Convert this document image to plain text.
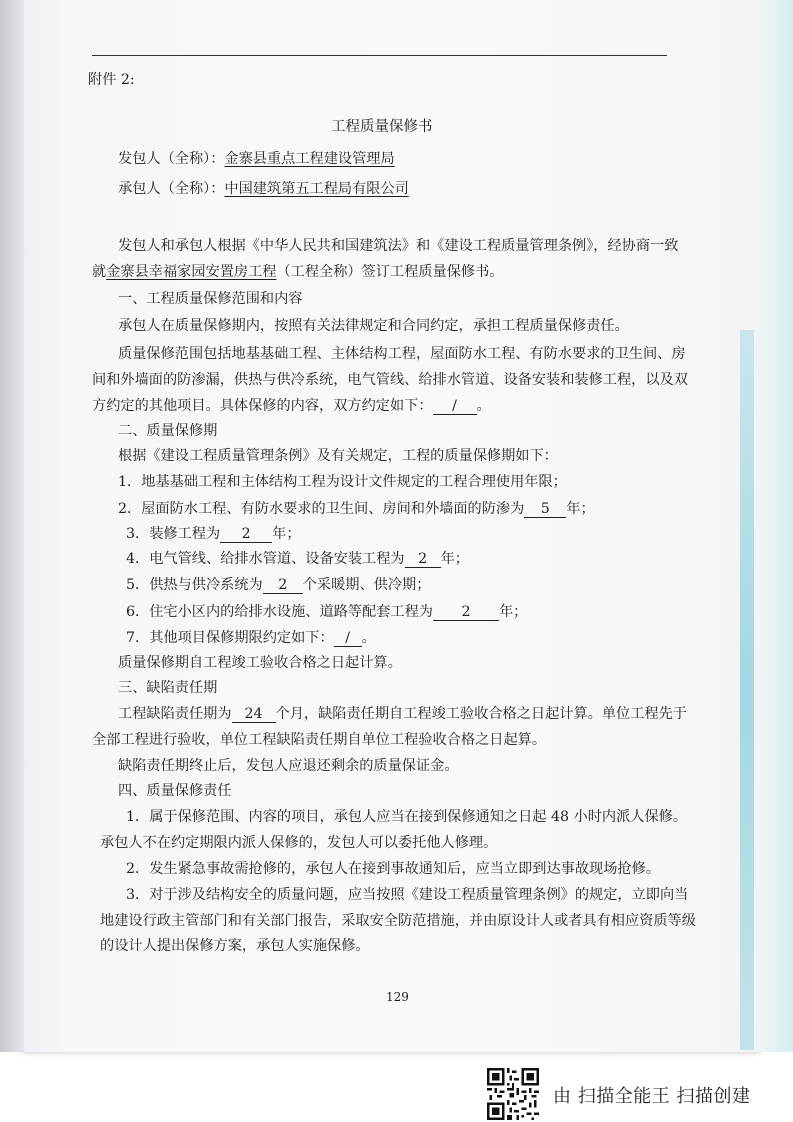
附件 2:
工程质量保修书
发包人（全称）：金寨县重点工程建设管理局
承包人（全称）：中国建筑第五工程局有限公司
发包人和承包人根据《中华人民共和国建筑法》和《建设工程质量管理条例》，经协商一致
就金寨县幸福家园安置房工程（工程全称）签订工程质量保修书。
一、工程质量保修范围和内容
承包人在质量保修期内，按照有关法律规定和合同约定，承担工程质量保修责任。
质量保修范围包括地基基础工程、主体结构工程，屋面防水工程、有防水要求的卫生间、房
间和外墙面的防渗漏，供热与供冷系统，电气管线、给排水管道、设备安装和装修工程，以及双
方约定的其他项目。具体保修的内容，双方约定如下： / 。
二、质量保修期
根据《建设工程质量管理条例》及有关规定，工程的质量保修期如下：
1．地基基础工程和主体结构工程为设计文件规定的工程合理使用年限；
2．屋面防水工程、有防水要求的卫生间、房间和外墙面的防渗为 5 年；
3．装修工程为 2 年；
4．电气管线、给排水管道、设备安装工程为 2 年；
5．供热与供冷系统为 2 个采暖期、供冷期；
6．住宅小区内的给排水设施、道路等配套工程为 2 年；
7．其他项目保修期限约定如下： / 。
质量保修期自工程竣工验收合格之日起计算。
三、缺陷责任期
工程缺陷责任期为 24 个月，缺陷责任期自工程竣工验收合格之日起计算。单位工程先于
全部工程进行验收，单位工程缺陷责任期自单位工程验收合格之日起算。
缺陷责任期终止后，发包人应退还剩余的质量保证金。
四、质量保修责任
1．属于保修范围、内容的项目，承包人应当在接到保修通知之日起 48 小时内派人保修。
承包人不在约定期限内派人保修的，发包人可以委托他人修理。
2．发生紧急事故需抢修的，承包人在接到事故通知后，应当立即到达事故现场抢修。
3．对于涉及结构安全的质量问题，应当按照《建设工程质量管理条例》的规定，立即向当
地建设行政主管部门和有关部门报告，采取安全防范措施，并由原设计人或者具有相应资质等级
的设计人提出保修方案，承包人实施保修。
129
由 扫描全能王 扫描创建
